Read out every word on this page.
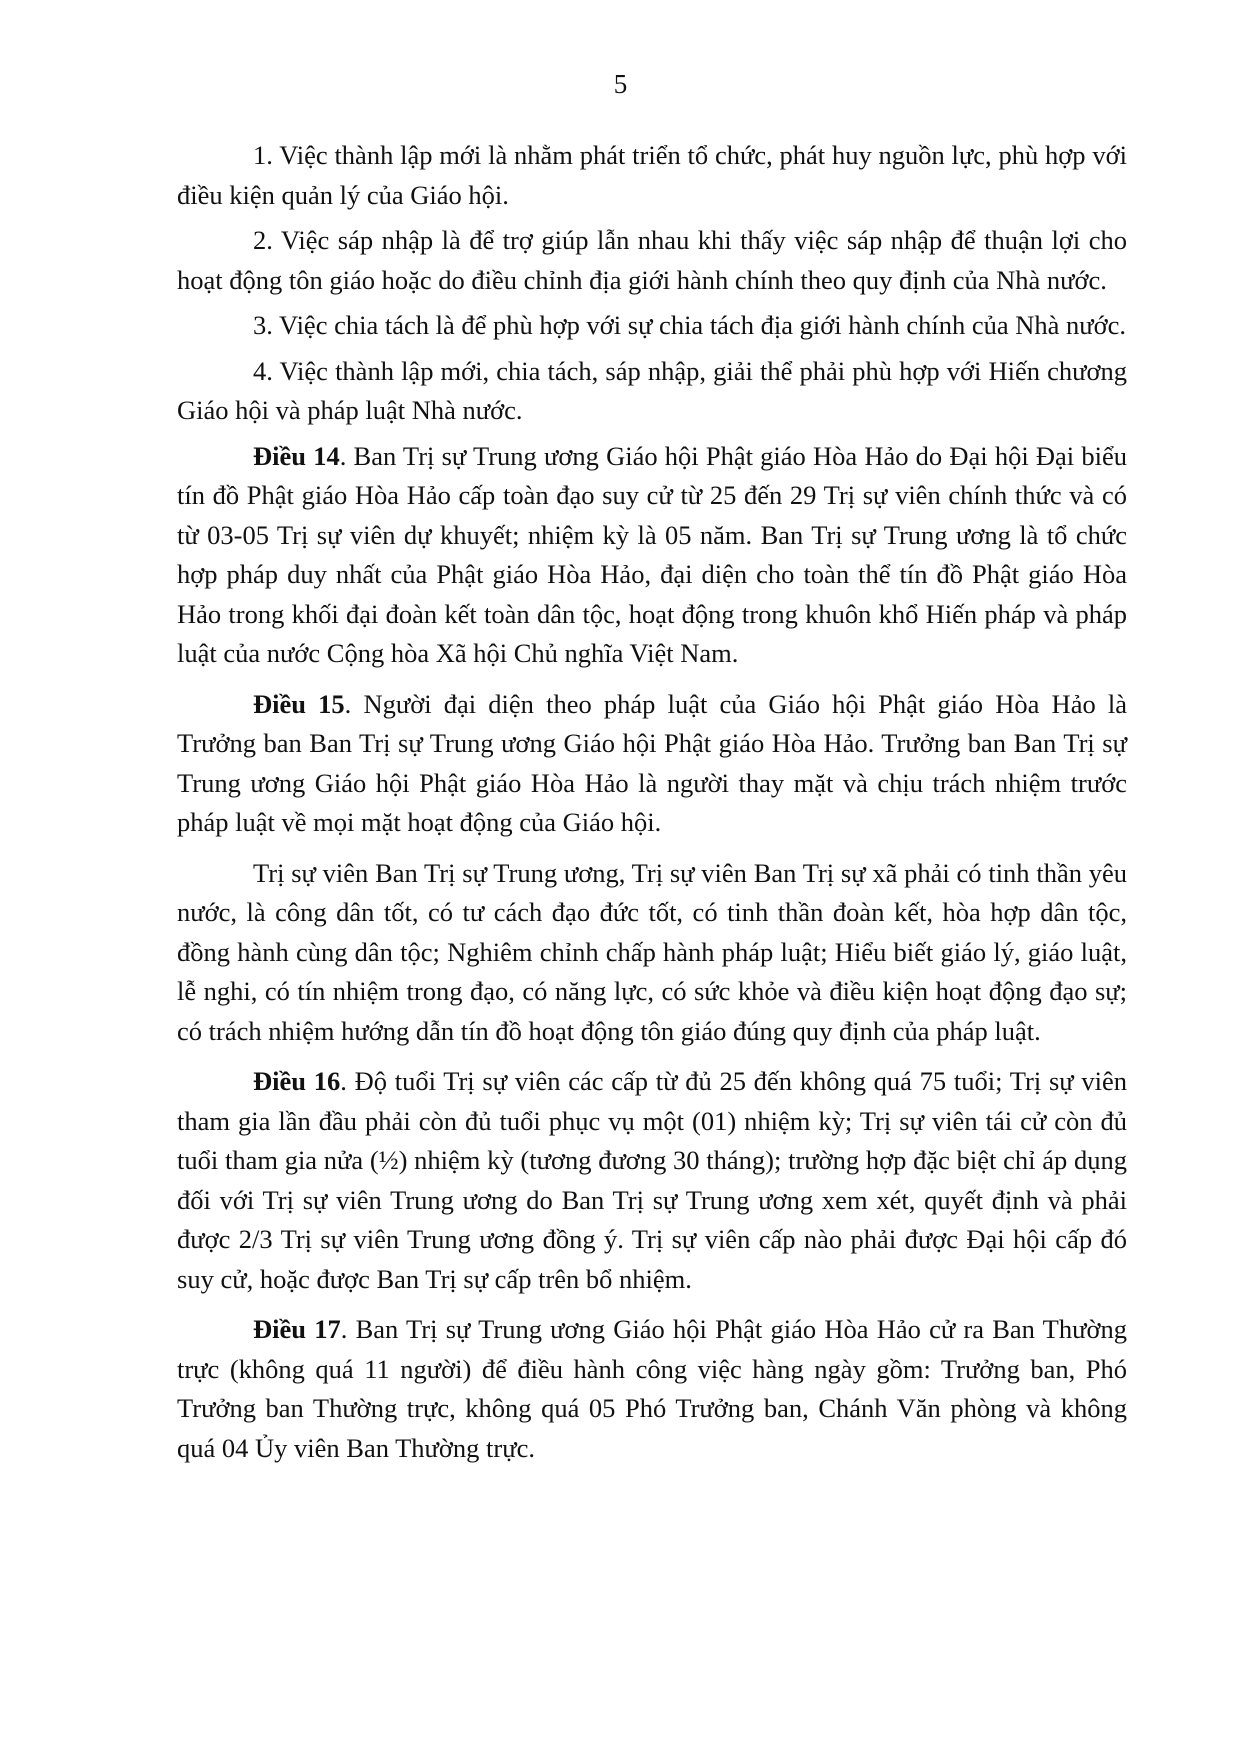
5

1. Việc thành lập mới là nhằm phát triển tổ chức, phát huy nguồn lực, phù hợp với điều kiện quản lý của Giáo hội.

2. Việc sáp nhập là để trợ giúp lẫn nhau khi thấy việc sáp nhập để thuận lợi cho hoạt động tôn giáo hoặc do điều chỉnh địa giới hành chính theo quy định của Nhà nước.

3. Việc chia tách là để phù hợp với sự chia tách địa giới hành chính của Nhà nước.

4. Việc thành lập mới, chia tách, sáp nhập, giải thể phải phù hợp với Hiến chương Giáo hội và pháp luật Nhà nước.

Điều 14. Ban Trị sự Trung ương Giáo hội Phật giáo Hòa Hảo do Đại hội Đại biểu tín đồ Phật giáo Hòa Hảo cấp toàn đạo suy cử từ 25 đến 29 Trị sự viên chính thức và có từ 03-05 Trị sự viên dự khuyết; nhiệm kỳ là 05 năm. Ban Trị sự Trung ương là tổ chức hợp pháp duy nhất của Phật giáo Hòa Hảo, đại diện cho toàn thể tín đồ Phật giáo Hòa Hảo trong khối đại đoàn kết toàn dân tộc, hoạt động trong khuôn khổ Hiến pháp và pháp luật của nước Cộng hòa Xã hội Chủ nghĩa Việt Nam.

Điều 15. Người đại diện theo pháp luật của Giáo hội Phật giáo Hòa Hảo là Trưởng ban Ban Trị sự Trung ương Giáo hội Phật giáo Hòa Hảo. Trưởng ban Ban Trị sự Trung ương Giáo hội Phật giáo Hòa Hảo là người thay mặt và chịu trách nhiệm trước pháp luật về mọi mặt hoạt động của Giáo hội.

Trị sự viên Ban Trị sự Trung ương, Trị sự viên Ban Trị sự xã phải có tinh thần yêu nước, là công dân tốt, có tư cách đạo đức tốt, có tinh thần đoàn kết, hòa hợp dân tộc, đồng hành cùng dân tộc; Nghiêm chỉnh chấp hành pháp luật; Hiểu biết giáo lý, giáo luật, lễ nghi, có tín nhiệm trong đạo, có năng lực, có sức khỏe và điều kiện hoạt động đạo sự; có trách nhiệm hướng dẫn tín đồ hoạt động tôn giáo đúng quy định của pháp luật.

Điều 16. Độ tuổi Trị sự viên các cấp từ đủ 25 đến không quá 75 tuổi; Trị sự viên tham gia lần đầu phải còn đủ tuổi phục vụ một (01) nhiệm kỳ; Trị sự viên tái cử còn đủ tuổi tham gia nửa (½) nhiệm kỳ (tương đương 30 tháng); trường hợp đặc biệt chỉ áp dụng đối với Trị sự viên Trung ương do Ban Trị sự Trung ương xem xét, quyết định và phải được 2/3 Trị sự viên Trung ương đồng ý. Trị sự viên cấp nào phải được Đại hội cấp đó suy cử, hoặc được Ban Trị sự cấp trên bổ nhiệm.

Điều 17. Ban Trị sự Trung ương Giáo hội Phật giáo Hòa Hảo cử ra Ban Thường trực (không quá 11 người) để điều hành công việc hàng ngày gồm: Trưởng ban, Phó Trưởng ban Thường trực, không quá 05 Phó Trưởng ban, Chánh Văn phòng và không quá 04 Ủy viên Ban Thường trực.
